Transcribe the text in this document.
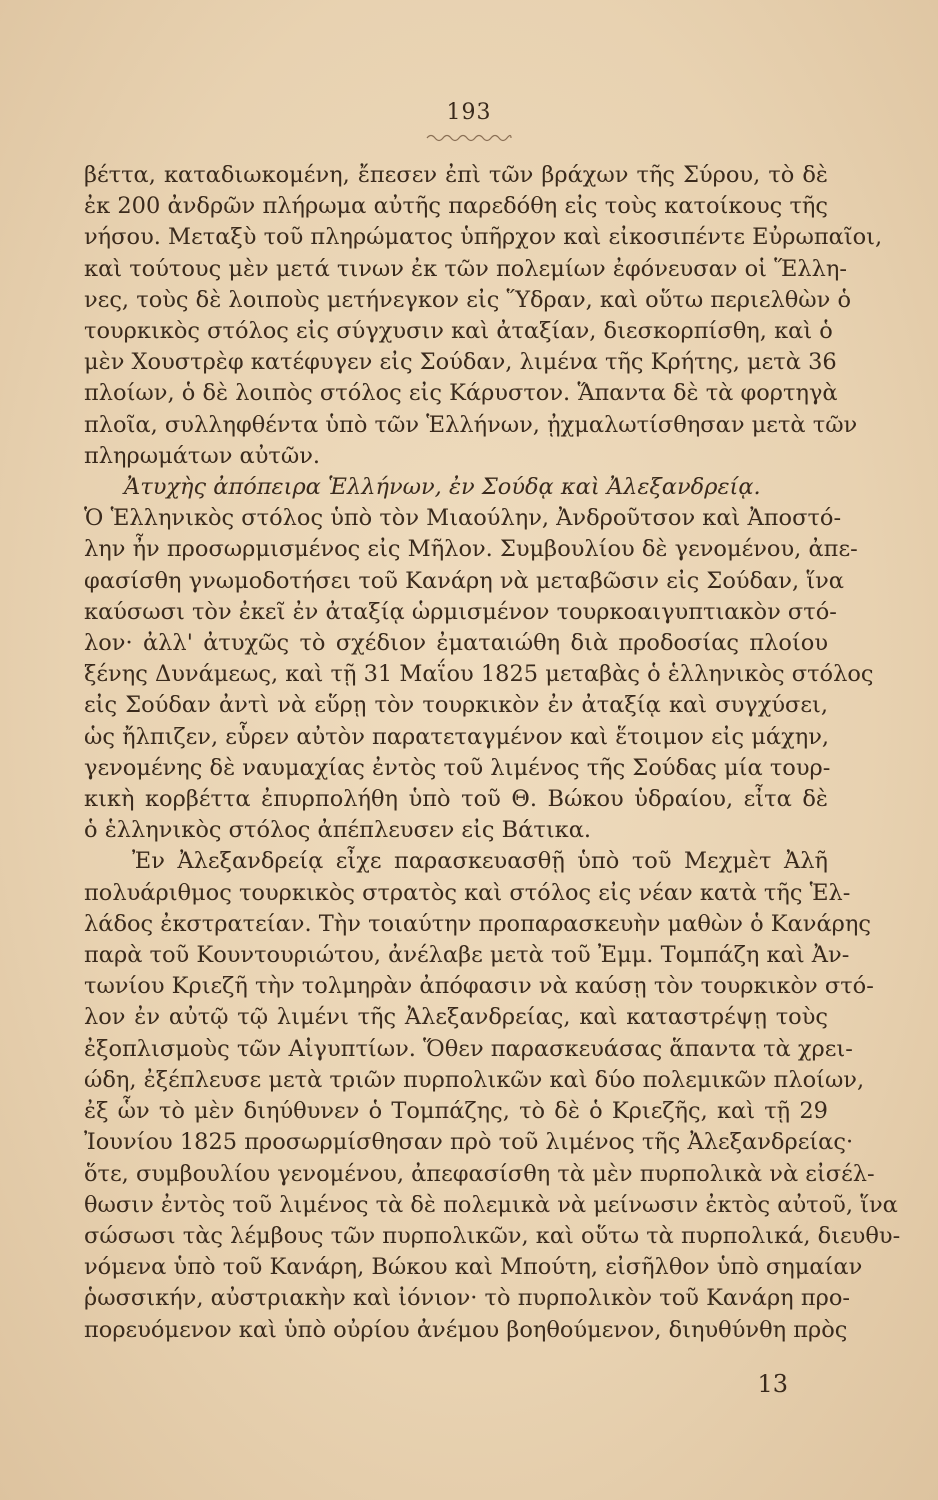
193
βέττα, καταδιωκομένη, ἔπεσεν ἐπὶ τῶν βράχων τῆς Σύρου, τὸ δὲ
ἐκ 200 ἀνδρῶν πλήρωμα αὐτῆς παρεδόθη εἰς τοὺς κατοίκους τῆς
νήσου. Μεταξὺ τοῦ πληρώματος ὑπῆρχον καὶ εἰκοσιπέντε Εὐρωπαῖοι,
καὶ τούτους μὲν μετά τινων ἐκ τῶν πολεμίων ἐφόνευσαν οἱ Ἕλλη-
νες, τοὺς δὲ λοιποὺς μετήνεγκον εἰς Ὕδραν, καὶ οὕτω περιελθὼν ὁ
τουρκικὸς στόλος εἰς σύγχυσιν καὶ ἀταξίαν, διεσκορπίσθη, καὶ ὁ
μὲν Χουστρὲφ κατέφυγεν εἰς Σούδαν, λιμένα τῆς Κρήτης, μετὰ 36
πλοίων, ὁ δὲ λοιπὸς στόλος εἰς Κάρυστον. Ἅπαντα δὲ τὰ φορτηγὰ
πλοῖα, συλληφθέντα ὑπὸ τῶν Ἑλλήνων, ᾐχμαλωτίσθησαν μετὰ τῶν
πληρωμάτων αὐτῶν.
Ἀτυχὴς ἀπόπειρα Ἑλλήνων, ἐν Σούδᾳ καὶ Ἀλεξανδρείᾳ.
Ὁ Ἑλληνικὸς στόλος ὑπὸ τὸν Μιαούλην, Ἀνδροῦτσον καὶ Ἀποστό-
λην ἦν προσωρμισμένος εἰς Μῆλον. Συμβουλίου δὲ γενομένου, ἀπε-
φασίσθη γνωμοδοτήσει τοῦ Κανάρη νὰ μεταβῶσιν εἰς Σούδαν, ἵνα
καύσωσι τὸν ἐκεῖ ἐν ἀταξίᾳ ὡρμισμένον τουρκοαιγυπτιακὸν στό-
λον· ἀλλ' ἀτυχῶς τὸ σχέδιον ἐματαιώθη διὰ προδοσίας πλοίου
ξένης Δυνάμεως, καὶ τῇ 31 Μαΐου 1825 μεταβὰς ὁ ἑλληνικὸς στόλος
εἰς Σούδαν ἀντὶ νὰ εὕρῃ τὸν τουρκικὸν ἐν ἀταξίᾳ καὶ συγχύσει,
ὡς ἤλπιζεν, εὗρεν αὐτὸν παρατεταγμένον καὶ ἕτοιμον εἰς μάχην,
γενομένης δὲ ναυμαχίας ἐντὸς τοῦ λιμένος τῆς Σούδας μία τουρ-
κικὴ κορβέττα ἐπυρπολήθη ὑπὸ τοῦ Θ. Βώκου ὑδραίου, εἶτα δὲ
ὁ ἑλληνικὸς στόλος ἀπέπλευσεν εἰς Βάτικα.
Ἐν Ἀλεξανδρείᾳ εἶχε παρασκευασθῇ ὑπὸ τοῦ Μεχμὲτ Ἀλῆ
πολυάριθμος τουρκικὸς στρατὸς καὶ στόλος εἰς νέαν κατὰ τῆς Ἑλ-
λάδος ἐκστρατείαν. Τὴν τοιαύτην προπαρασκευὴν μαθὼν ὁ Κανάρης
παρὰ τοῦ Κουντουριώτου, ἀνέλαβε μετὰ τοῦ Ἐμμ. Τομπάζη καὶ Ἀν-
τωνίου Κριεζῆ τὴν τολμηρὰν ἀπόφασιν νὰ καύσῃ τὸν τουρκικὸν στό-
λον ἐν αὐτῷ τῷ λιμένι τῆς Ἀλεξανδρείας, καὶ καταστρέψῃ τοὺς
ἐξοπλισμοὺς τῶν Αἰγυπτίων. Ὅθεν παρασκευάσας ἅπαντα τὰ χρει-
ώδη, ἐξέπλευσε μετὰ τριῶν πυρπολικῶν καὶ δύο πολεμικῶν πλοίων,
ἐξ ὧν τὸ μὲν διηύθυνεν ὁ Τομπάζης, τὸ δὲ ὁ Κριεζῆς, καὶ τῇ 29
Ἰουνίου 1825 προσωρμίσθησαν πρὸ τοῦ λιμένος τῆς Ἀλεξανδρείας·
ὅτε, συμβουλίου γενομένου, ἀπεφασίσθη τὰ μὲν πυρπολικὰ νὰ εἰσέλ-
θωσιν ἐντὸς τοῦ λιμένος τὰ δὲ πολεμικὰ νὰ μείνωσιν ἐκτὸς αὐτοῦ, ἵνα
σώσωσι τὰς λέμβους τῶν πυρπολικῶν, καὶ οὕτω τὰ πυρπολικά, διευθυ-
νόμενα ὑπὸ τοῦ Κανάρη, Βώκου καὶ Μπούτη, εἰσῆλθον ὑπὸ σημαίαν
ῥωσσικήν, αὐστριακὴν καὶ ἰόνιον· τὸ πυρπολικὸν τοῦ Κανάρη προ-
πορευόμενον καὶ ὑπὸ οὐρίου ἀνέμου βοηθούμενον, διηυθύνθη πρὸς
13
